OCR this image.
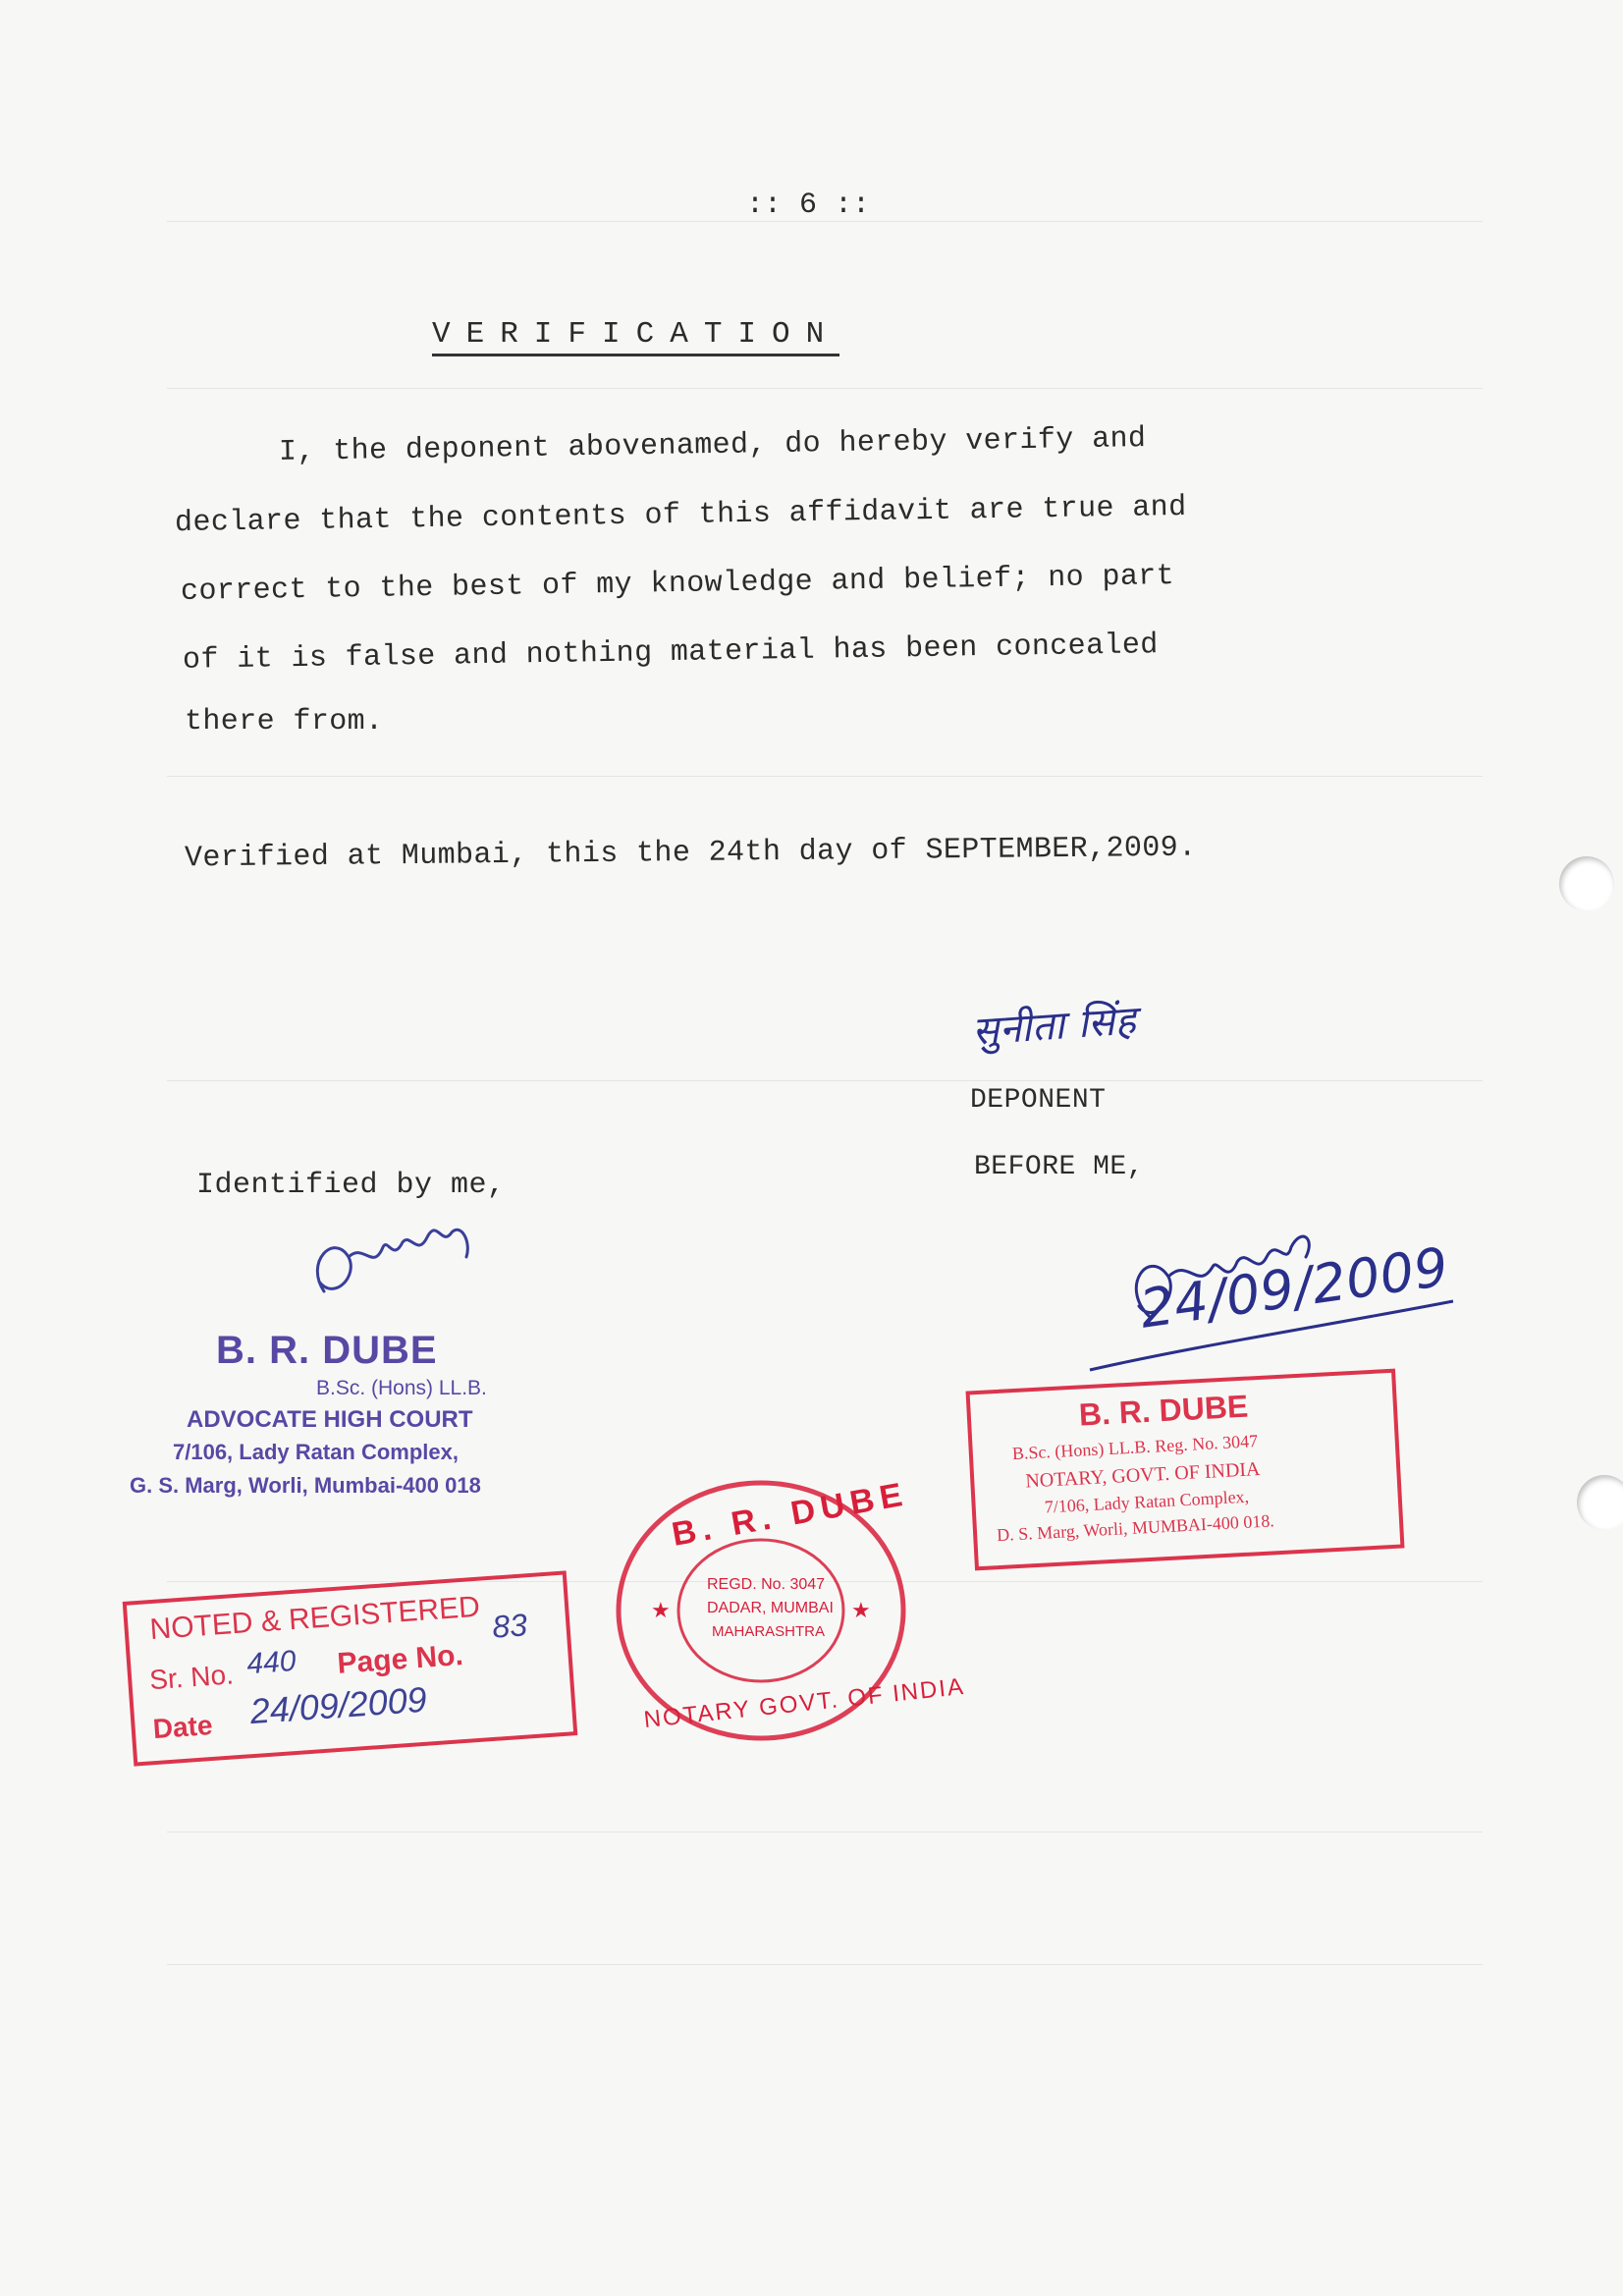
:: 6 ::
VERIFICATION
I, the deponent abovenamed, do hereby verify and
declare that the contents of this affidavit are true and
correct to the best of my knowledge and belief; no part
of it is false and nothing material has been concealed
there from.
Verified at Mumbai, this the 24th day of SEPTEMBER,2009.
सुनीता सिंह
DEPONENT
BEFORE ME,
Identified by me,
24/09/2009
B. R. DUBE
B.Sc. (Hons) LL.B.
ADVOCATE HIGH COURT
7/106, Lady Ratan Complex,
G. S. Marg, Worli, Mumbai-400 018
B. R. DUBE
B.Sc. (Hons) LL.B. Reg. No. 3047
NOTARY, GOVT. OF INDIA
7/106, Lady Ratan Complex,
D. S. Marg, Worli, MUMBAI-400 018.
★	★
B. R. DUBE
REGD. No. 3047
DADAR, MUMBAI
MAHARASHTRA
NOTARY GOVT. OF INDIA
NOTED & REGISTERED
Sr. No. 440 Page No.
83
Date 24/09/2009
